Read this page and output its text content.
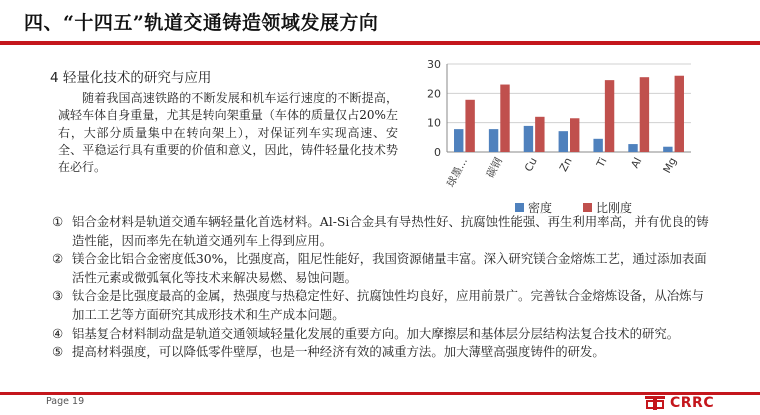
四、“十四五”轨道交通铸造领域发展方向
4 轻量化技术的研究与应用
随着我国高速铁路的不断发展和机车运行速度的不断提高，减轻车体自身重量，尤其是转向架重量（车体的质量仅占20%左右，大部分质量集中在转向架上），对保证列车实现高速、安全、平稳运行具有重要的价值和意义，因此，铸件轻量化技术势在必行。
0
10
20
30
球墨… 碳钢 Cu Zn Ti Al Mg
密度	比刚度
① 铝合金材料是轨道交通车辆轻量化首选材料。Al-Si合金具有导热性好、抗腐蚀性能强、再生利用率高，并有优良的铸造性能，因而率先在轨道交通列车上得到应用。
② 镁合金比铝合金密度低30%，比强度高，阻尼性能好，我国资源储量丰富。深入研究镁合金熔炼工艺，通过添加表面活性元素或微弧氧化等技术来解决易燃、易蚀问题。
③ 钛合金是比强度最高的金属，热强度与热稳定性好、抗腐蚀性均良好，应用前景广。完善钛合金熔炼设备，从冶炼与加工工艺等方面研究其成形技术和生产成本问题。
④ 铝基复合材料制动盘是轨道交通领域轻量化发展的重要方向。加大摩擦层和基体层分层结构法复合技术的研究。
⑤ 提高材料强度，可以降低零件壁厚，也是一种经济有效的减重方法。加大薄壁高强度铸件的研发。
Page 19	CRRC
